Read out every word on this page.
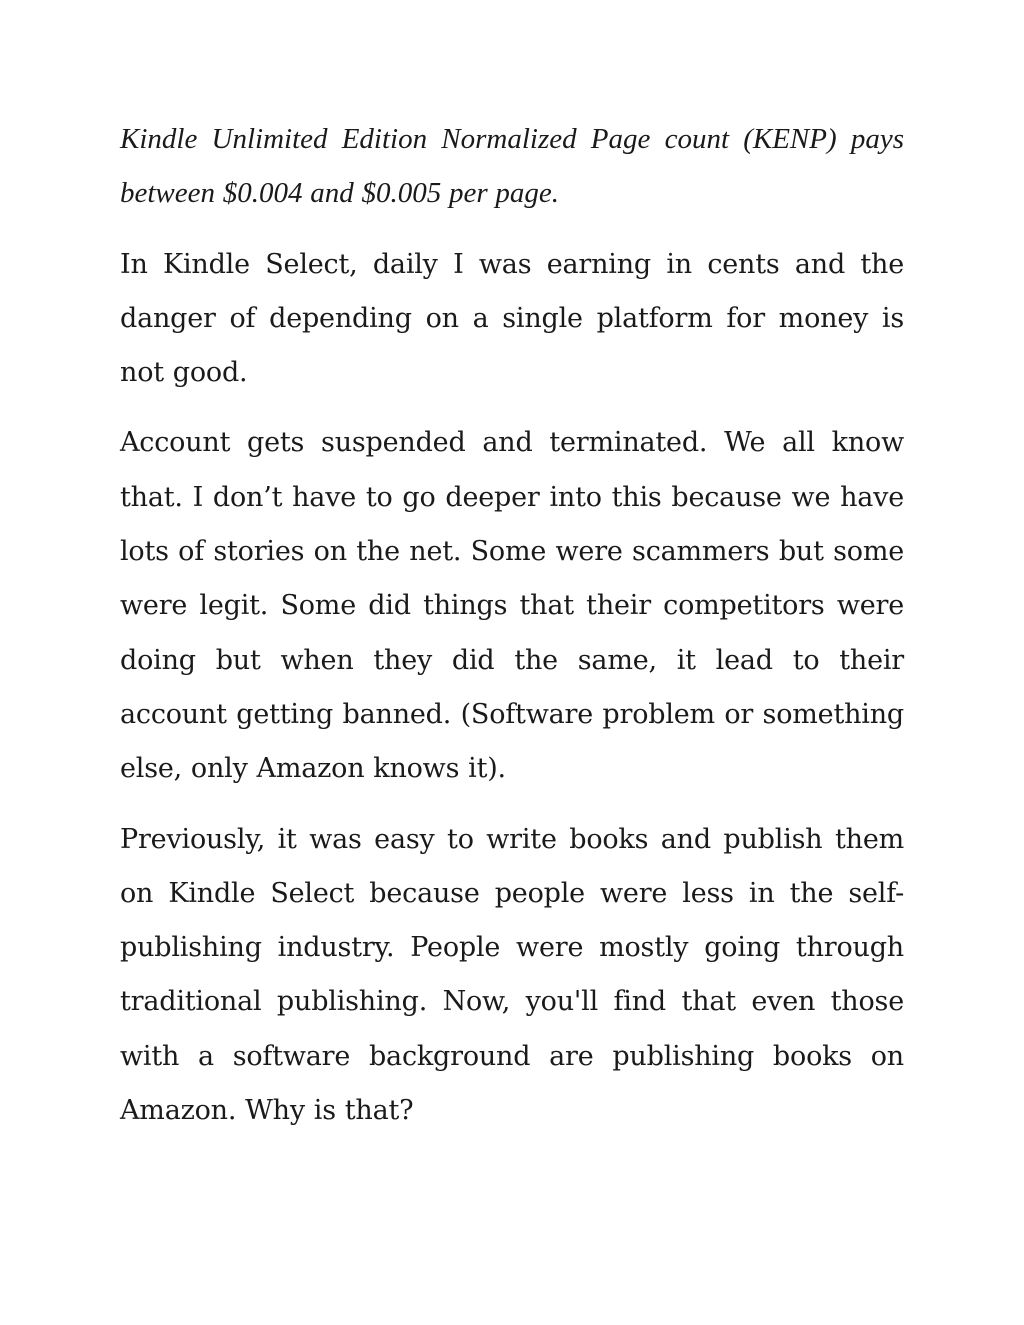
Kindle Unlimited Edition Normalized Page count (KENP) pays between $0.004 and $0.005 per page.

In Kindle Select, daily I was earning in cents and the danger of depending on a single platform for money is not good.

Account gets suspended and terminated. We all know that. I don’t have to go deeper into this because we have lots of stories on the net. Some were scammers but some were legit. Some did things that their competitors were doing but when they did the same, it lead to their account getting banned. (Software problem or something else, only Amazon knows it).

Previously, it was easy to write books and publish them on Kindle Select because people were less in the self-publishing industry. People were mostly going through traditional publishing. Now, you'll find that even those with a software background are publishing books on Amazon. Why is that?
